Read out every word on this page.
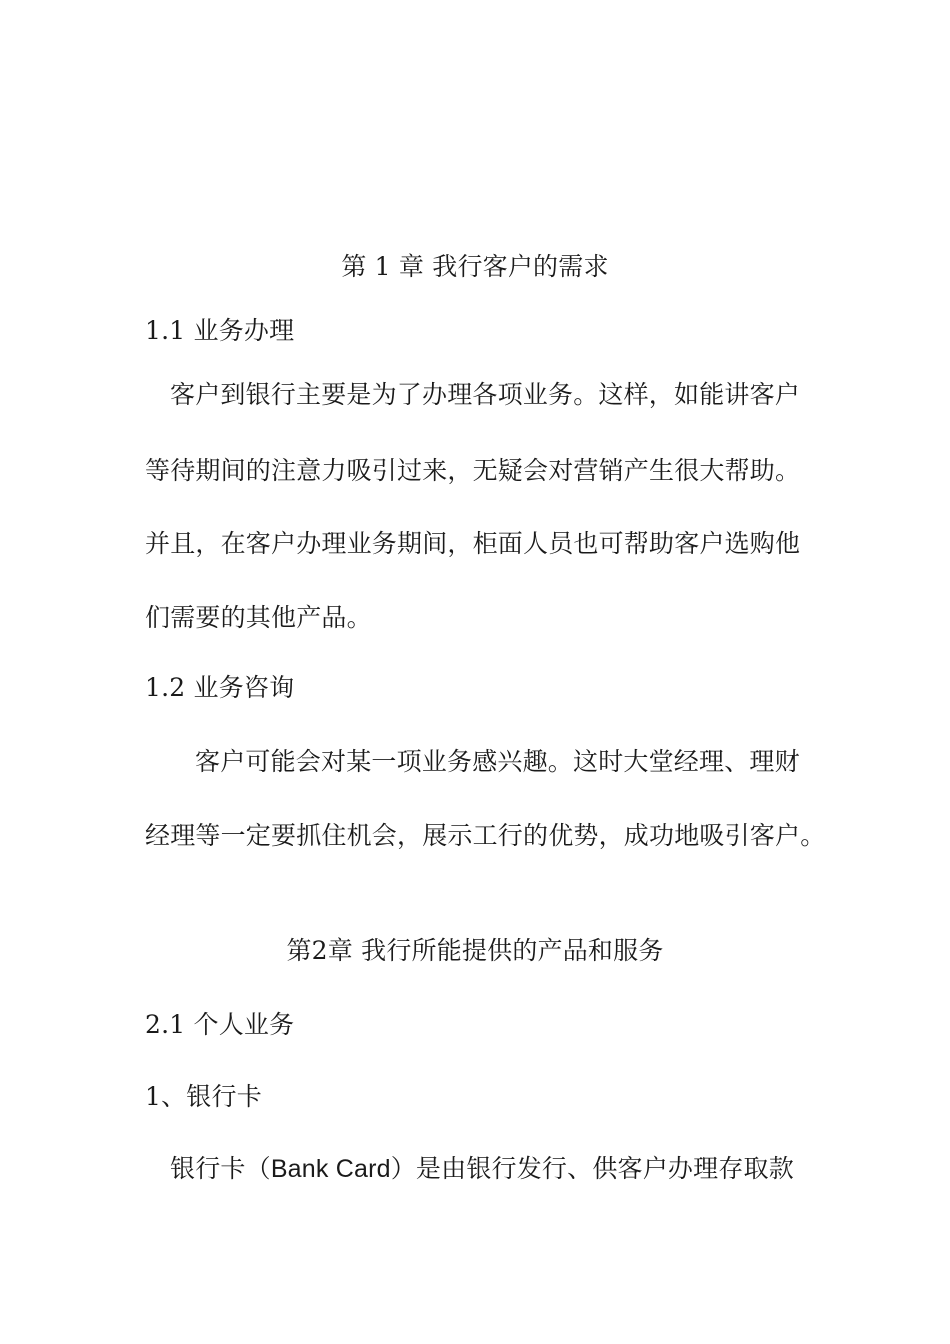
第 1 章 我行客户的需求
1.1 业务办理
客户到银行主要是为了办理各项业务。这样，如能讲客户
等待期间的注意力吸引过来，无疑会对营销产生很大帮助。
并且，在客户办理业务期间，柜面人员也可帮助客户选购他
们需要的其他产品。
1.2 业务咨询
客户可能会对某一项业务感兴趣。这时大堂经理、理财
经理等一定要抓住机会，展示工行的优势，成功地吸引客户。
第2章 我行所能提供的产品和服务
2.1 个人业务
1、银行卡
银行卡（Bank Card）是由银行发行、供客户办理存取款
